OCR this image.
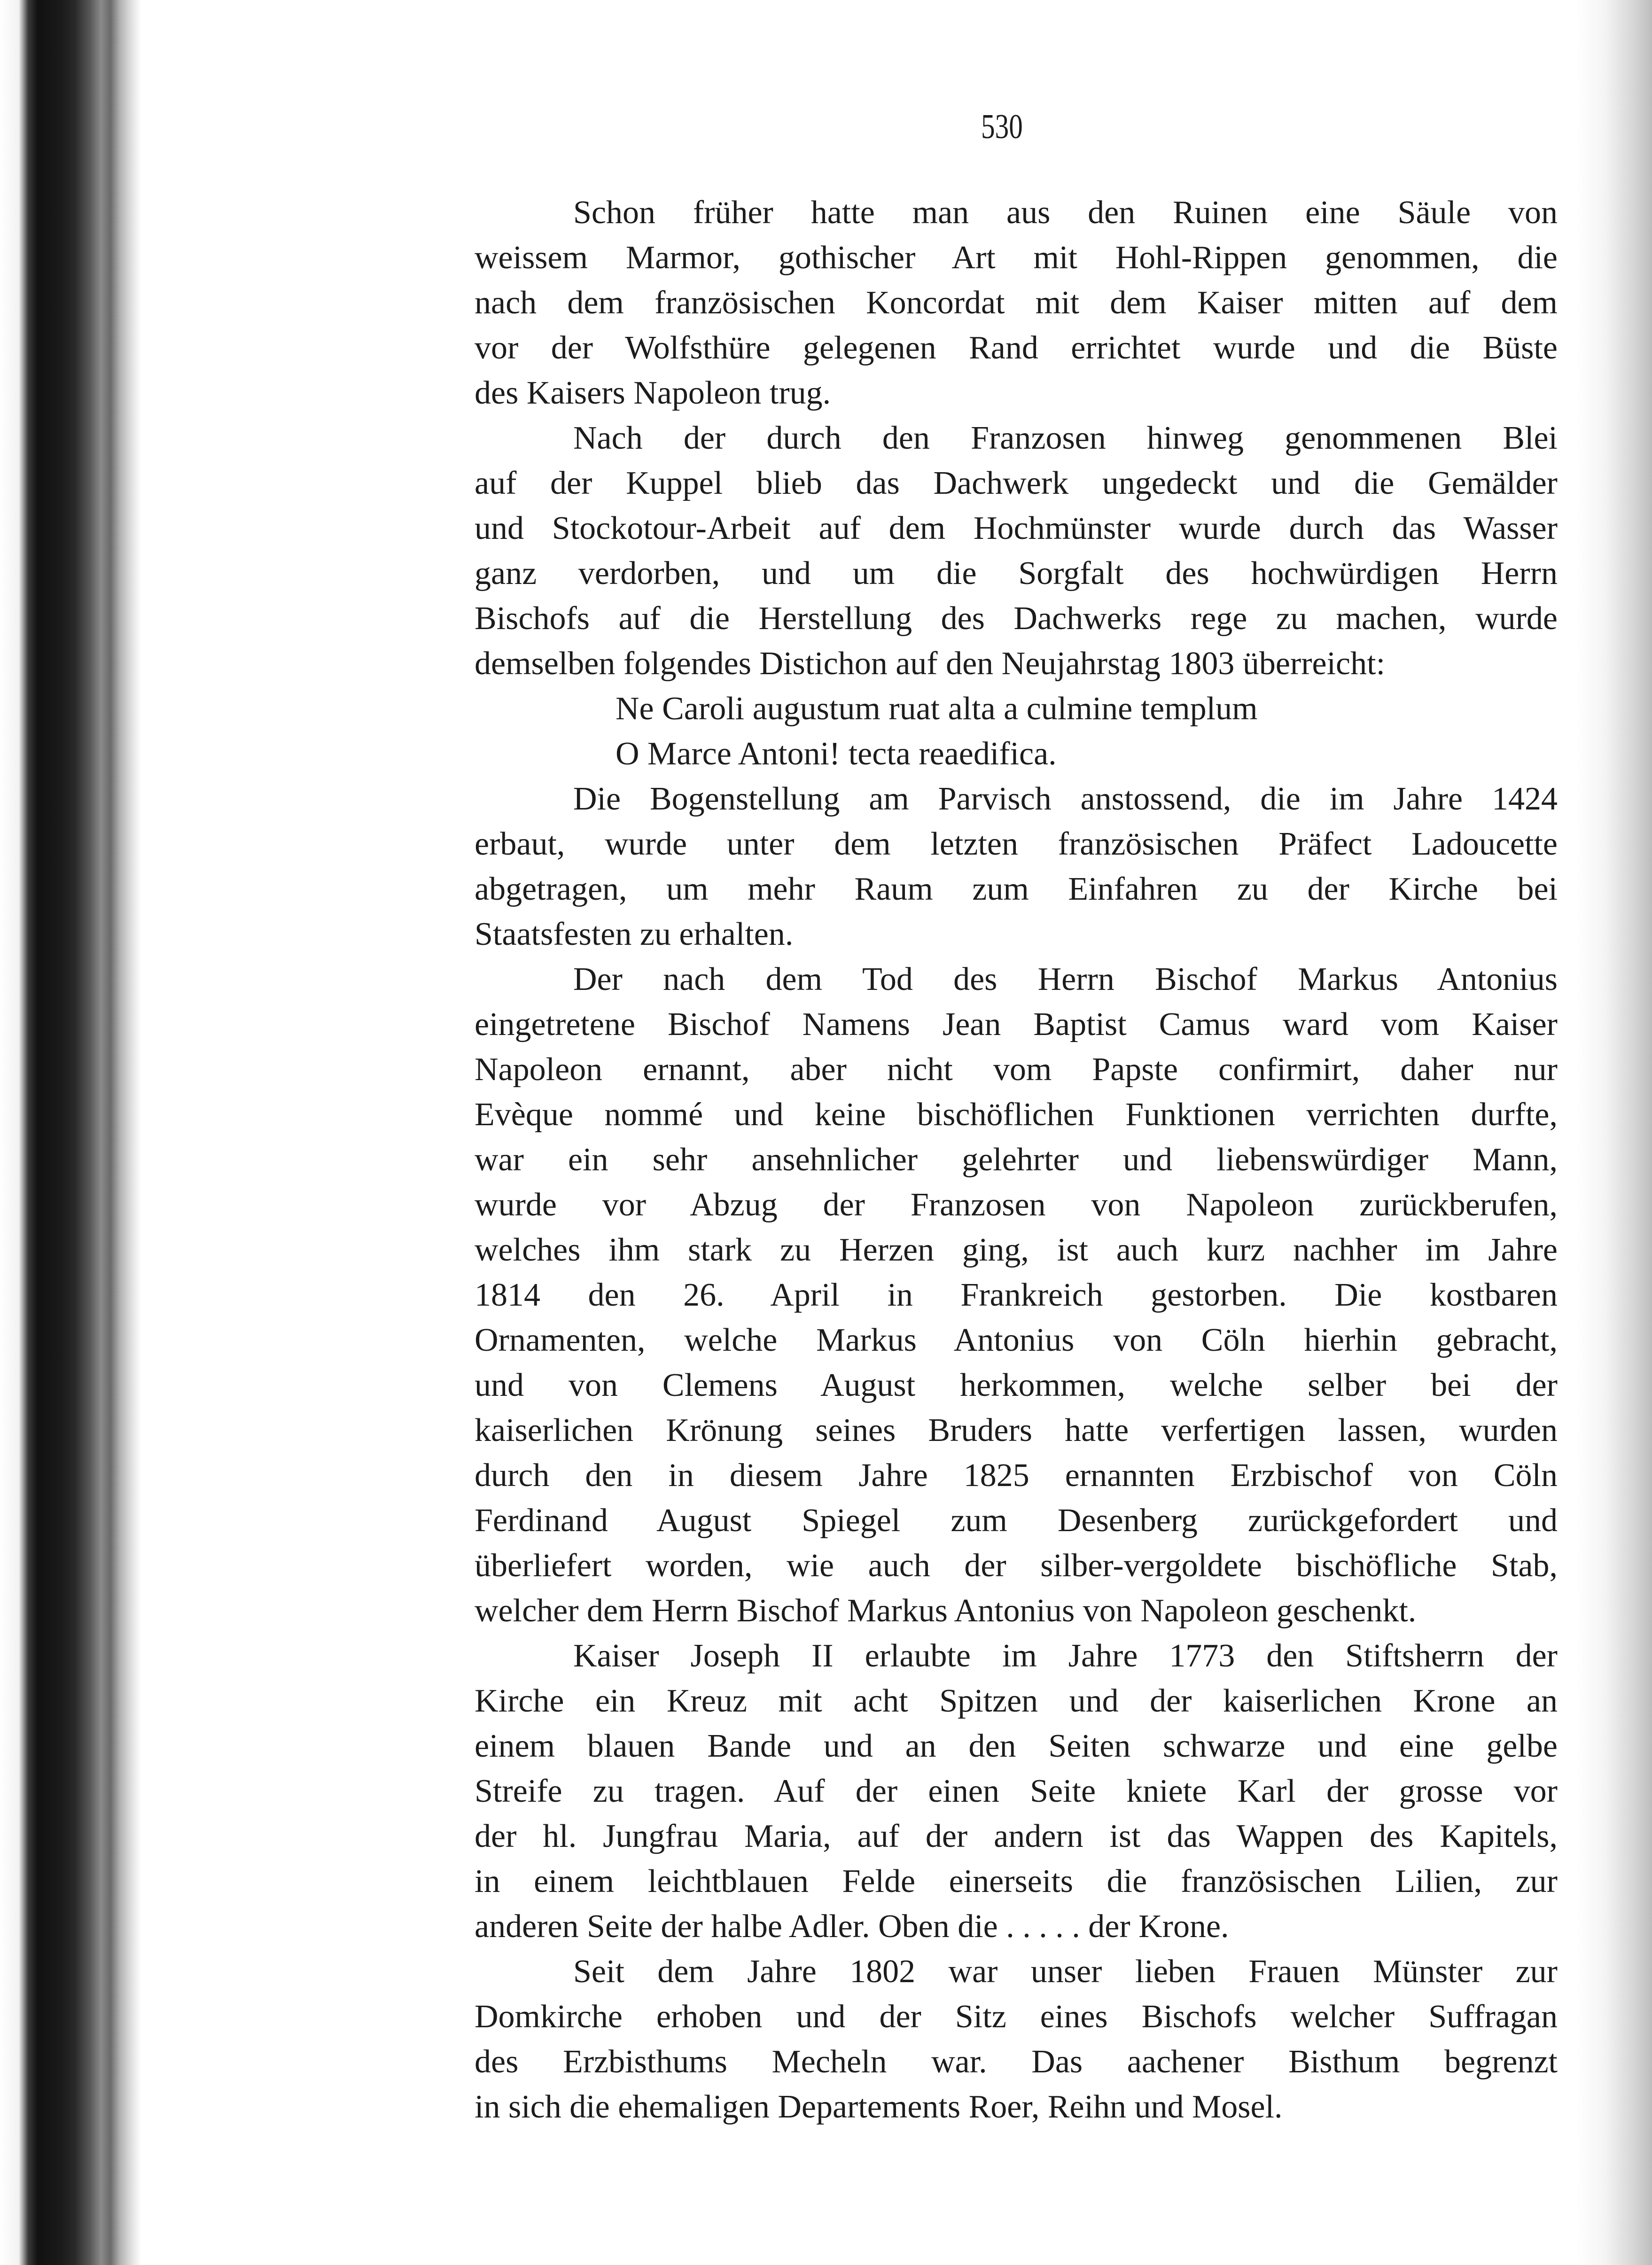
530
Schon früher hatte man aus den Ruinen eine Säule von
weissem Marmor, gothischer Art mit Hohl-Rippen genommen, die
nach dem französischen Koncordat mit dem Kaiser mitten auf dem
vor der Wolfsthüre gelegenen Rand errichtet wurde und die Büste
des Kaisers Napoleon trug.
Nach der durch den Franzosen hinweg genommenen Blei
auf der Kuppel blieb das Dachwerk ungedeckt und die Gemälder
und Stockotour-Arbeit auf dem Hochmünster wurde durch das Wasser
ganz verdorben, und um die Sorgfalt des hochwürdigen Herrn
Bischofs auf die Herstellung des Dachwerks rege zu machen, wurde
demselben folgendes Distichon auf den Neujahrstag 1803 überreicht:
Ne Caroli augustum ruat alta a culmine templum
O Marce Antoni! tecta reaedifica.
Die Bogenstellung am Parvisch anstossend, die im Jahre 1424
erbaut, wurde unter dem letzten französischen Präfect Ladoucette
abgetragen, um mehr Raum zum Einfahren zu der Kirche bei
Staatsfesten zu erhalten.
Der nach dem Tod des Herrn Bischof Markus Antonius
eingetretene Bischof Namens Jean Baptist Camus ward vom Kaiser
Napoleon ernannt, aber nicht vom Papste confirmirt, daher nur
Evèque nommé und keine bischöflichen Funktionen verrichten durfte,
war ein sehr ansehnlicher gelehrter und liebenswürdiger Mann,
wurde vor Abzug der Franzosen von Napoleon zurückberufen,
welches ihm stark zu Herzen ging, ist auch kurz nachher im Jahre
1814 den 26. April in Frankreich gestorben. Die kostbaren
Ornamenten, welche Markus Antonius von Cöln hierhin gebracht,
und von Clemens August herkommen, welche selber bei der
kaiserlichen Krönung seines Bruders hatte verfertigen lassen, wurden
durch den in diesem Jahre 1825 ernannten Erzbischof von Cöln
Ferdinand August Spiegel zum Desenberg zurückgefordert und
überliefert worden, wie auch der silber-vergoldete bischöfliche Stab,
welcher dem Herrn Bischof Markus Antonius von Napoleon geschenkt.
Kaiser Joseph II erlaubte im Jahre 1773 den Stiftsherrn der
Kirche ein Kreuz mit acht Spitzen und der kaiserlichen Krone an
einem blauen Bande und an den Seiten schwarze und eine gelbe
Streife zu tragen. Auf der einen Seite kniete Karl der grosse vor
der hl. Jungfrau Maria, auf der andern ist das Wappen des Kapitels,
in einem leichtblauen Felde einerseits die französischen Lilien, zur
anderen Seite der halbe Adler. Oben die . . . . . der Krone.
Seit dem Jahre 1802 war unser lieben Frauen Münster zur
Domkirche erhoben und der Sitz eines Bischofs welcher Suffragan
des Erzbisthums Mecheln war. Das aachener Bisthum begrenzt
in sich die ehemaligen Departements Roer, Reihn und Mosel.
